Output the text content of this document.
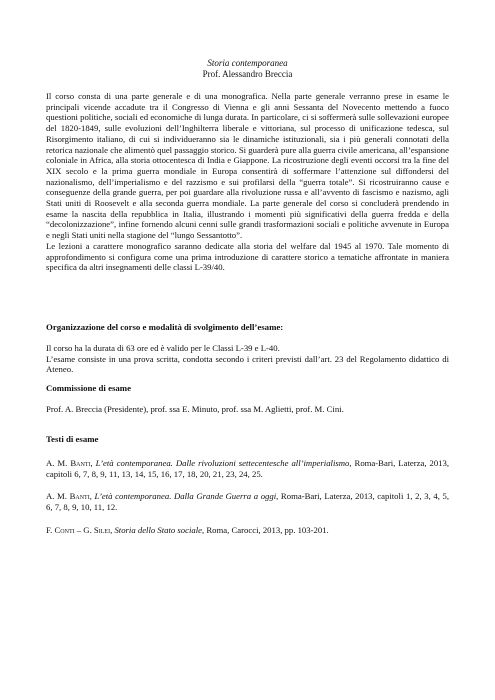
Storia contemporanea
Prof. Alessandro Breccia

Il corso consta di una parte generale e di una monografica. Nella parte generale verranno prese in esame le principali vicende accadute tra il Congresso di Vienna e gli anni Sessanta del Novecento mettendo a fuoco questioni politiche, sociali ed economiche di lunga durata. In particolare, ci si soffermerà sulle sollevazioni europee del 1820-1849, sulle evoluzioni dell’Inghilterra liberale e vittoriana, sul processo di unificazione tedesca, sul Risorgimento italiano, di cui si individueranno sia le dinamiche istituzionali, sia i più generali connotati della retorica nazionale che alimentò quel passaggio storico. Si guarderà pure alla guerra civile americana, all’espansione coloniale in Africa, alla storia ottocentesca di India e Giappone. La ricostruzione degli eventi occorsi tra la fine del XIX secolo e la prima guerra mondiale in Europa consentirà di soffermare l’attenzione sul diffondersi del nazionalismo, dell’imperialismo e del razzismo e sui profilarsi della “guerra totale”. Si ricostruiranno cause e conseguenze della grande guerra, per poi guardare alla rivoluzione russa e all’avvento di fascismo e nazismo, agli Stati uniti di Roosevelt e alla seconda guerra mondiale. La parte generale del corso si concluderà prendendo in esame la nascita della repubblica in Italia, illustrando i momenti più significativi della guerra fredda e della “decolonizzazione”, infine fornendo alcuni cenni sulle grandi trasformazioni sociali e politiche avvenute in Europa e negli Stati uniti nella stagione del “lungo Sessantotto”.

Le lezioni a carattere monografico saranno dedicate alla storia del welfare dal 1945 al 1970. Tale momento di approfondimento si configura come una prima introduzione di carattere storico a tematiche affrontate in maniera specifica da altri insegnamenti delle classi L-39/40.

Organizzazione del corso e modalità di svolgimento dell’esame:

Il corso ha la durata di 63 ore ed è valido per le Classi L-39 e L-40.

L’esame consiste in una prova scritta, condotta secondo i criteri previsti dall’art. 23 del Regolamento didattico di Ateneo.

Commissione di esame
Prof. A. Breccia (Presidente), prof. ssa E. Minuto, prof. ssa M. Aglietti, prof. M. Cini.
Testi di esame
A. M. Banti, L’età contemporanea. Dalle rivoluzioni settecentesche all’imperialismo, Roma-Bari, Laterza, 2013, capitoli 6, 7, 8, 9, 11, 13, 14, 15, 16, 17, 18, 20, 21, 23, 24, 25.
A. M. Banti, L’età contemporanea. Dalla Grande Guerra a oggi, Roma-Bari, Laterza, 2013, capitoli 1, 2, 3, 4, 5, 6, 7, 8, 9, 10, 11, 12.
F. Conti – G. Silei, Storia dello Stato sociale, Roma, Carocci, 2013, pp. 103-201.
